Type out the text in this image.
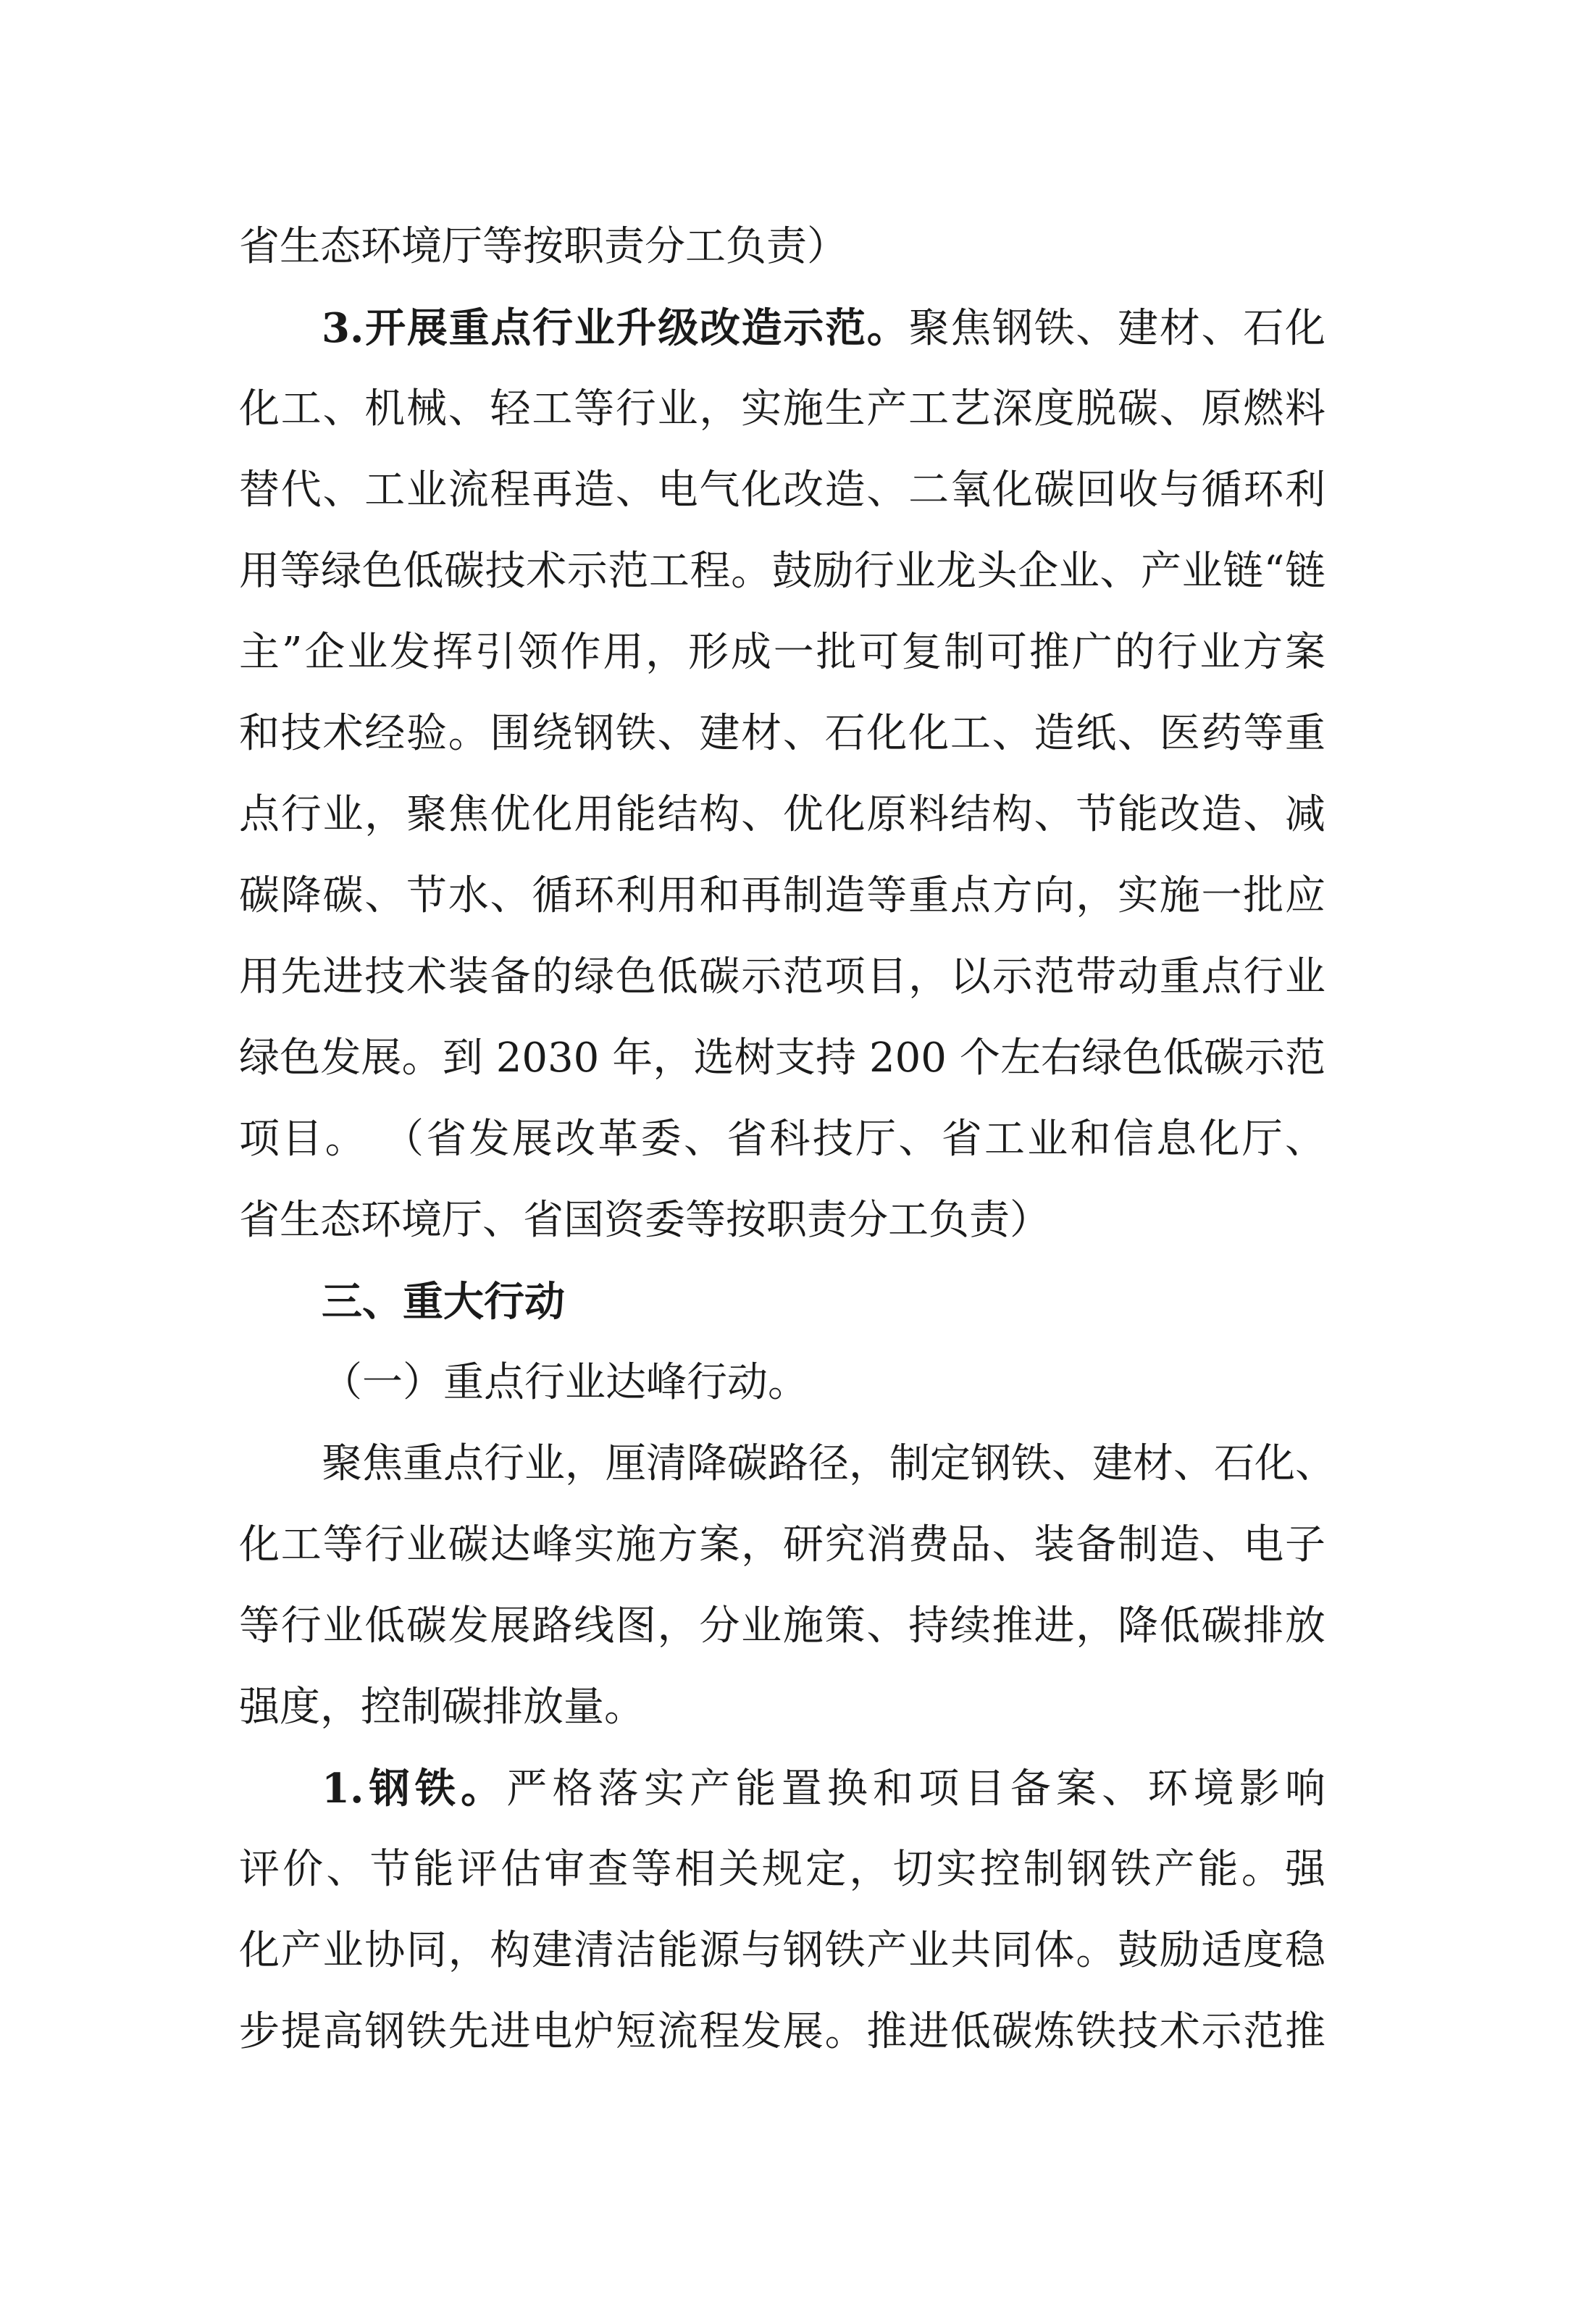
省生态环境厅等按职责分工负责）
3.开展重点行业升级改造示范。聚焦钢铁、建材、石化
化工、机械、轻工等行业，实施生产工艺深度脱碳、原燃料
替代、工业流程再造、电气化改造、二氧化碳回收与循环利
用等绿色低碳技术示范工程。鼓励行业龙头企业、产业链“链
主”企业发挥引领作用，形成一批可复制可推广的行业方案
和技术经验。围绕钢铁、建材、石化化工、造纸、医药等重
点行业，聚焦优化用能结构、优化原料结构、节能改造、减
碳降碳、节水、循环利用和再制造等重点方向，实施一批应
用先进技术装备的绿色低碳示范项目，以示范带动重点行业
绿色发展。到 2030 年，选树支持 200 个左右绿色低碳示范
项目。 （省发展改革委、省科技厅、省工业和信息化厅、
省生态环境厅、省国资委等按职责分工负责）
三、重大行动
（一）重点行业达峰行动。
聚焦重点行业，厘清降碳路径，制定钢铁、建材、石化、
化工等行业碳达峰实施方案，研究消费品、装备制造、电子
等行业低碳发展路线图，分业施策、持续推进，降低碳排放
强度，控制碳排放量。
1.钢铁。严格落实产能置换和项目备案、环境影响
评价、节能评估审查等相关规定，切实控制钢铁产能。强
化产业协同，构建清洁能源与钢铁产业共同体。鼓励适度稳
步提高钢铁先进电炉短流程发展。推进低碳炼铁技术示范推
